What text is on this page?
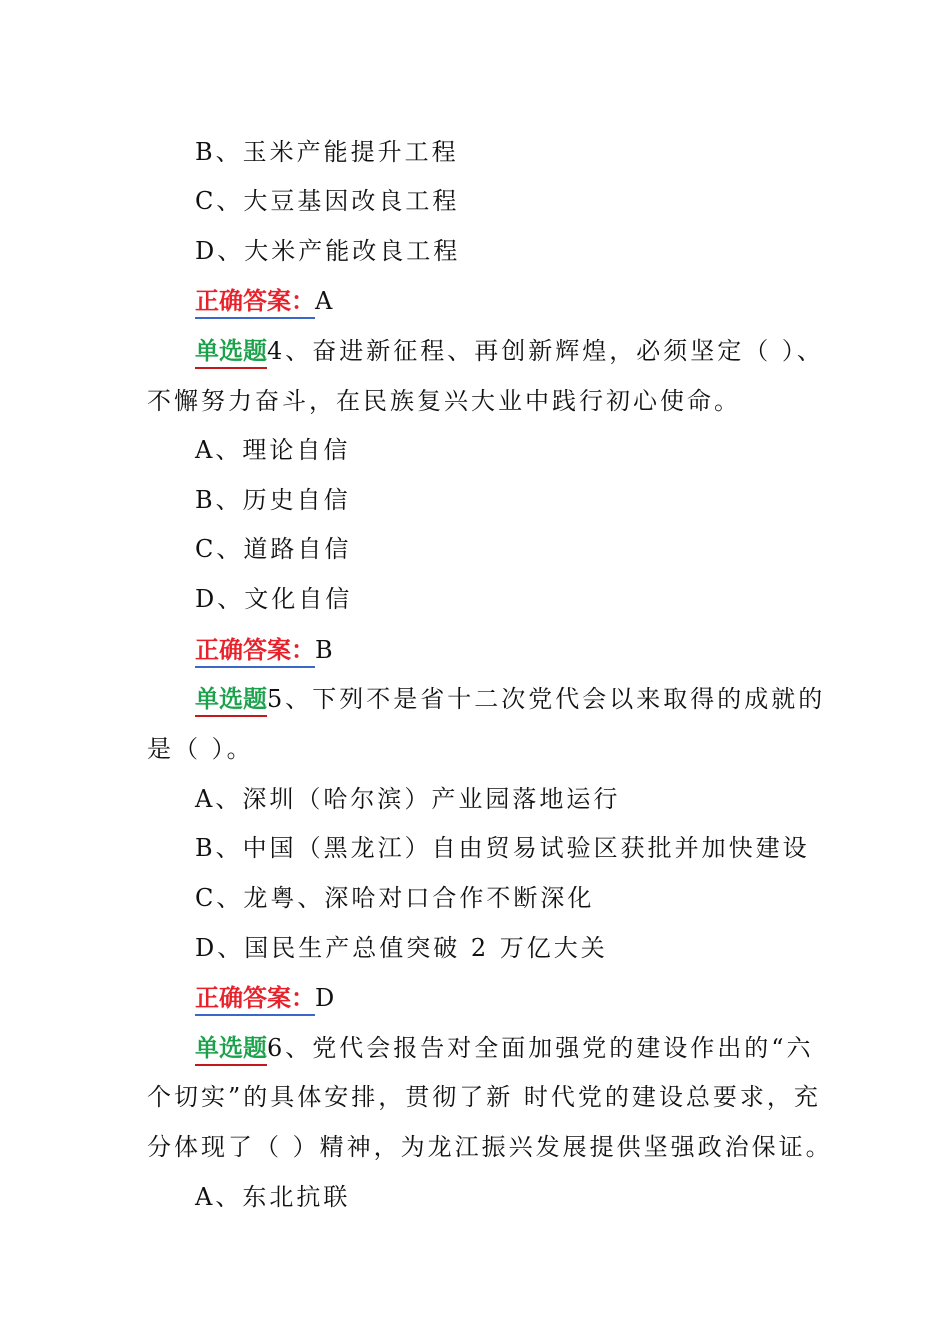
B、玉米产能提升工程
C、大豆基因改良工程
D、大米产能改良工程
正确答案：A
单选题4、奋进新征程、再创新辉煌，必须坚定（ ）、
不懈努力奋斗，在民族复兴大业中践行初心使命。
A、理论自信
B、历史自信
C、道路自信
D、文化自信
正确答案：B
单选题5、下列不是省十二次党代会以来取得的成就的
是（ ）。
A、深圳（哈尔滨）产业园落地运行
B、中国（黑龙江）自由贸易试验区获批并加快建设
C、龙粤、深哈对口合作不断深化
D、国民生产总值突破 2 万亿大关
正确答案：D
单选题6、党代会报告对全面加强党的建设作出的“六
个切实”的具体安排，贯彻了新 时代党的建设总要求，充
分体现了（ ）精神，为龙江振兴发展提供坚强政治保证。
A、东北抗联
